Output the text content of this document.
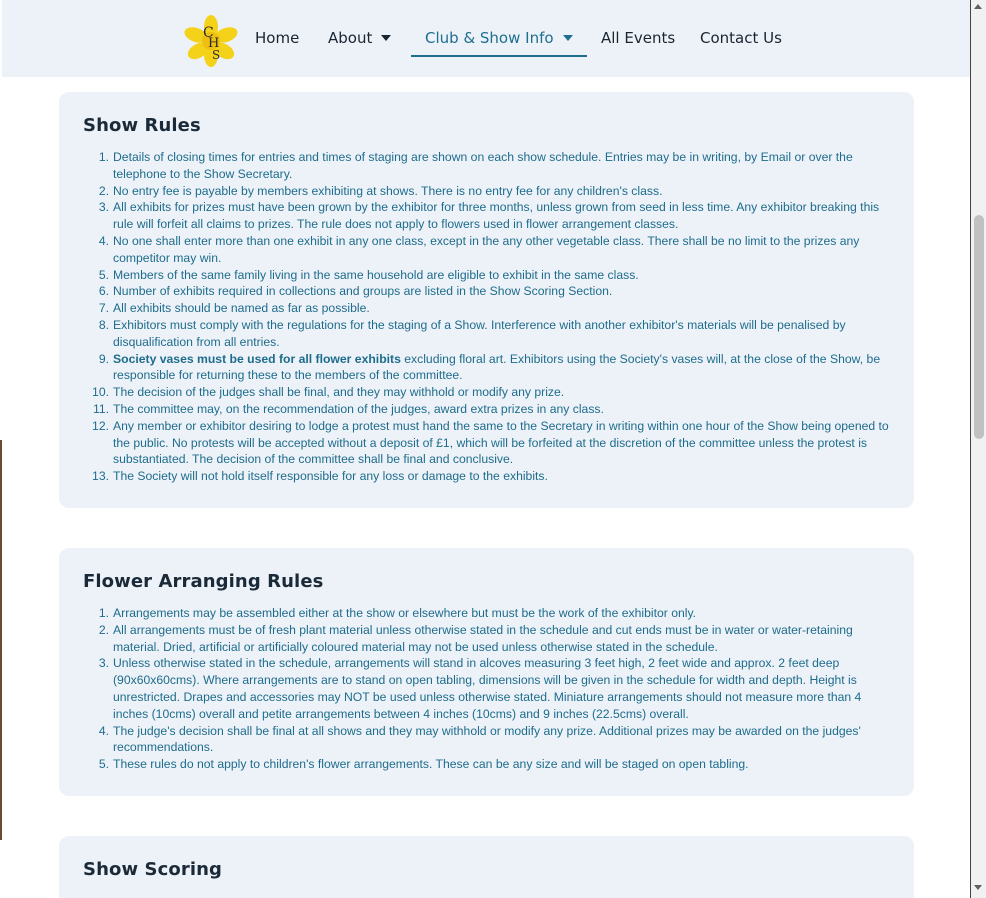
C
H
S
Home About	Club & Show Info	All Events Contact Us
Show Rules
1. Details of closing times for entries and times of staging are shown on each show schedule. Entries may be in writing, by Email or over the telephone to the Show Secretary.
2. No entry fee is payable by members exhibiting at shows. There is no entry fee for any children's class.
3. All exhibits for prizes must have been grown by the exhibitor for three months, unless grown from seed in less time. Any exhibitor breaking this rule will forfeit all claims to prizes. The rule does not apply to flowers used in flower arrangement classes.
4. No one shall enter more than one exhibit in any one class, except in the any other vegetable class. There shall be no limit to the prizes any competitor may win.
5. Members of the same family living in the same household are eligible to exhibit in the same class.
6. Number of exhibits required in collections and groups are listed in the Show Scoring Section.
7. All exhibits should be named as far as possible.
8. Exhibitors must comply with the regulations for the staging of a Show. Interference with another exhibitor's materials will be penalised by disqualification from all entries.
9. Society vases must be used for all flower exhibits excluding floral art. Exhibitors using the Society's vases will, at the close of the Show, be responsible for returning these to the members of the committee.
10. The decision of the judges shall be final, and they may withhold or modify any prize.
11. The committee may, on the recommendation of the judges, award extra prizes in any class.
12. Any member or exhibitor desiring to lodge a protest must hand the same to the Secretary in writing within one hour of the Show being opened to the public. No protests will be accepted without a deposit of £1, which will be forfeited at the discretion of the committee unless the protest is substantiated. The decision of the committee shall be final and conclusive.
13. The Society will not hold itself responsible for any loss or damage to the exhibits.
Flower Arranging Rules
1. Arrangements may be assembled either at the show or elsewhere but must be the work of the exhibitor only.
2. All arrangements must be of fresh plant material unless otherwise stated in the schedule and cut ends must be in water or water-retaining material. Dried, artificial or artificially coloured material may not be used unless otherwise stated in the schedule.
3. Unless otherwise stated in the schedule, arrangements will stand in alcoves measuring 3 feet high, 2 feet wide and approx. 2 feet deep (90x60x60cms). Where arrangements are to stand on open tabling, dimensions will be given in the schedule for width and depth. Height is unrestricted. Drapes and accessories may NOT be used unless otherwise stated. Miniature arrangements should not measure more than 4 inches (10cms) overall and petite arrangements between 4 inches (10cms) and 9 inches (22.5cms) overall.
4. The judge's decision shall be final at all shows and they may withhold or modify any prize. Additional prizes may be awarded on the judges' recommendations.
5. These rules do not apply to children's flower arrangements. These can be any size and will be staged on open tabling.
Show Scoring
